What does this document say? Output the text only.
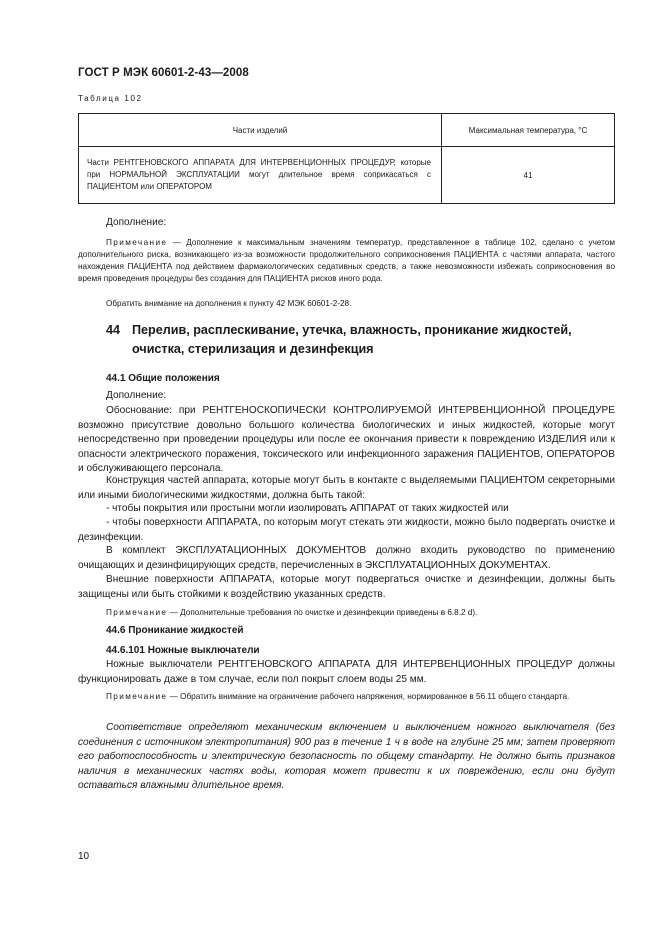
ГОСТ Р МЭК 60601-2-43—2008
Таблица 102
Части изделий	Максимальная температура, °С
Части РЕНТГЕНОВСКОГО АППАРАТА ДЛЯ ИНТЕРВЕНЦИОННЫХ ПРОЦЕДУР, которые при НОРМАЛЬНОЙ ЭКСПЛУАТАЦИИ могут длительное время соприкасаться с ПАЦИЕНТОМ или ОПЕРАТОРОМ	41
Дополнение:
Примечание — Дополнение к максимальным значениям температур, представленное в таблице 102, сделано с учетом дополнительного риска, возникающего из-за возможности продолжительного соприкосновения ПАЦИЕНТА с частями аппарата, частого нахождения ПАЦИЕНТА под действием фармакологических седативных средств, а также невозможности избежать соприкосновения во время проведения процедуры без создания для ПАЦИЕНТА рисков иного рода.
Обратить внимание на дополнения к пункту 42 МЭК 60601-2-28.
44 Перелив, расплескивание, утечка, влажность, проникание жидкостей,
очистка, стерилизация и дезинфекция
44.1 Общие положения
Дополнение:
Обоснование: при РЕНТГЕНОСКОПИЧЕСКИ КОНТРОЛИРУЕМОЙ ИНТЕРВЕНЦИОННОЙ ПРОЦЕДУРЕ возможно присутствие довольно большого количества биологических и иных жидкостей, которые могут непосредственно при проведении процедуры или после ее окончания привести к повреждению ИЗДЕЛИЯ или к опасности электрического поражения, токсического или инфекционного заражения ПАЦИЕНТОВ, ОПЕРАТОРОВ и обслуживающего персонала.
Конструкция частей аппарата, которые могут быть в контакте с выделяемыми ПАЦИЕНТОМ секреторными или иными биологическими жидкостями, должна быть такой:
- чтобы покрытия или простыни могли изолировать АППАРАТ от таких жидкостей или
- чтобы поверхности АППАРАТА, по которым могут стекать эти жидкости, можно было подвергать очистке и дезинфекции.
В комплект ЭКСПЛУАТАЦИОННЫХ ДОКУМЕНТОВ должно входить руководство по применению очищающих и дезинфицирующих средств, перечисленных в ЭКСПЛУАТАЦИОННЫХ ДОКУМЕНТАХ.
Внешние поверхности АППАРАТА, которые могут подвергаться очистке и дезинфекции, должны быть защищены или быть стойкими к воздействию указанных средств.
Примечание — Дополнительные требования по очистке и дезинфекции приведены в 6.8.2 d).
44.6 Проникание жидкостей
44.6.101 Ножные выключатели
Ножные выключатели РЕНТГЕНОВСКОГО АППАРАТА ДЛЯ ИНТЕРВЕНЦИОННЫХ ПРОЦЕДУР должны функционировать даже в том случае, если пол покрыт слоем воды 25 мм.
Примечание — Обратить внимание на ограничение рабочего напряжения, нормированное в 56.11 общего стандарта.
Соответствие определяют механическим включением и выключением ножного выключателя (без соединения с источником электропитания) 900 раз в течение 1 ч в воде на глубине 25 мм; затем проверяют его работоспособность и электрическую безопасность по общему стандарту. Не должно быть признаков наличия в механических частях воды, которая может привести к их повреждению, если они будут оставаться влажными длительное время.
10
